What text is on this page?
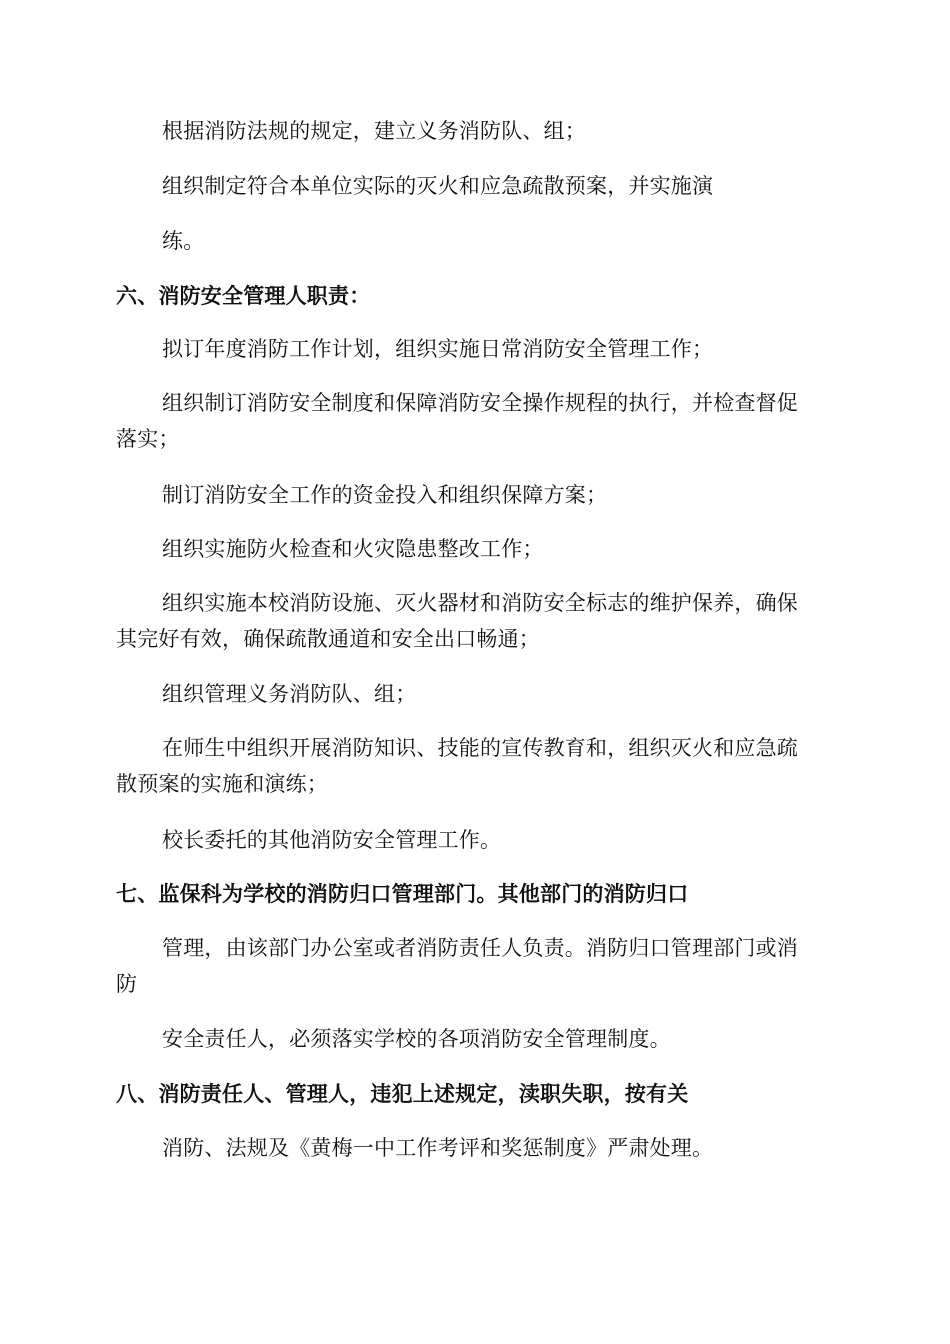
根据消防法规的规定，建立义务消防队、组；
组织制定符合本单位实际的灭火和应急疏散预案，并实施演
练。
六、消防安全管理人职责：
拟订年度消防工作计划，组织实施日常消防安全管理工作；
组织制订消防安全制度和保障消防安全操作规程的执行，并检查督促
落实；
制订消防安全工作的资金投入和组织保障方案；
组织实施防火检查和火灾隐患整改工作；
组织实施本校消防设施、灭火器材和消防安全标志的维护保养，确保
其完好有效，确保疏散通道和安全出口畅通；
组织管理义务消防队、组；
在师生中组织开展消防知识、技能的宣传教育和，组织灭火和应急疏
散预案的实施和演练；
校长委托的其他消防安全管理工作。
七、监保科为学校的消防归口管理部门。其他部门的消防归口
管理，由该部门办公室或者消防责任人负责。消防归口管理部门或消
防
安全责任人，必须落实学校的各项消防安全管理制度。
八、消防责任人、管理人，违犯上述规定，渎职失职，按有关
消防、法规及《黄梅一中工作考评和奖惩制度》严肃处理。
